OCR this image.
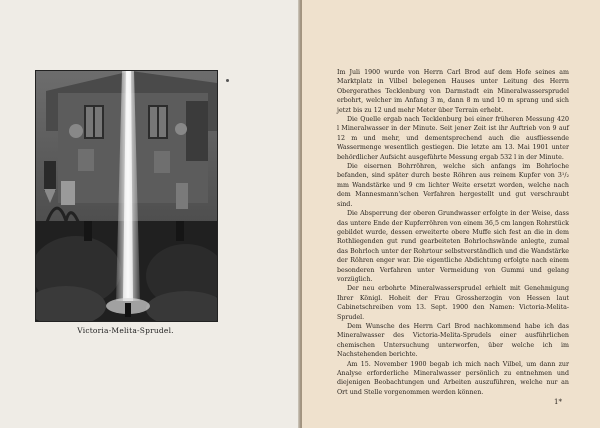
Victoria-Melita-Sprudel.

Im Juli 1900 wurde von Herrn Carl Brod auf dem Hofe seines am Marktplatz in Vilbel belegenen Hauses unter Leitung des Herrn Obergerathes Tecklenburg von Darmstadt ein Mineralwassersprudel erbohrt, welcher im Anfang 3 m, dann 8 m und 10 m sprang und sich jetzt bis zu 12 und mehr Meter über Terrain erhebt.

Die Quelle ergab nach Tecklenburg bei einer früheren Messung 420 l Mineralwasser in der Minute. Seit jener Zeit ist ihr Auftrieb von 9 auf 12 m und mehr, und dementsprechend auch die ausfliessende Wassermenge wesentlich gestiegen. Die letzte am 13. Mai 1901 unter behördlicher Aufsicht ausgeführte Messung ergab 532 l in der Minute.

Die eisernen Bohrröhren, welche sich anfangs im Bohrloche befanden, sind später durch beste Röhren aus reinem Kupfer von 3¹/₂ mm Wandstärke und 9 cm lichter Weite ersetzt worden, welche nach dem Mannesmann'schen Verfahren hergestellt und gut verschraubt sind.

Die Absperrung der oberen Grundwasser erfolgte in der Weise, dass das untere Ende der Kupferröhren von einem 36,5 cm langen Rohrstück gebildet wurde, dessen erweiterte obere Muffe sich fest an die in dem Rothliegenden gut rund gearbeiteten Bohrlochswände anlegte, zumal das Bohrloch unter der Rohrtour selbstverständlich und die Wandstärke der Röhren enger war. Die eigentliche Abdichtung erfolgte nach einem besonderen Verfahren unter Vermeidung von Gummi und gelang vorzüglich.

Der neu erbohrte Mineralwassersprudel erhielt mit Genehmigung Ihrer Königl. Hoheit der Frau Grossherzogin von Hessen laut Cabinetschreiben vom 13. Sept. 1900 den Namen: Victoria-Melita-Sprudel.

Dem Wunsche des Herrn Carl Brod nachkommend habe ich das Mineralwasser des Victoria-Melita-Sprudels einer ausführlichen chemischen Untersuchung unterworfen, über welche ich im Nachstehenden berichte.

Am 15. November 1900 begab ich mich nach Vilbel, um dann zur Analyse erforderliche Mineralwasser persönlich zu entnehmen und diejenigen Beobachtungen und Arbeiten auszuführen, welche nur an Ort und Stelle vorgenommen werden können.

1*
